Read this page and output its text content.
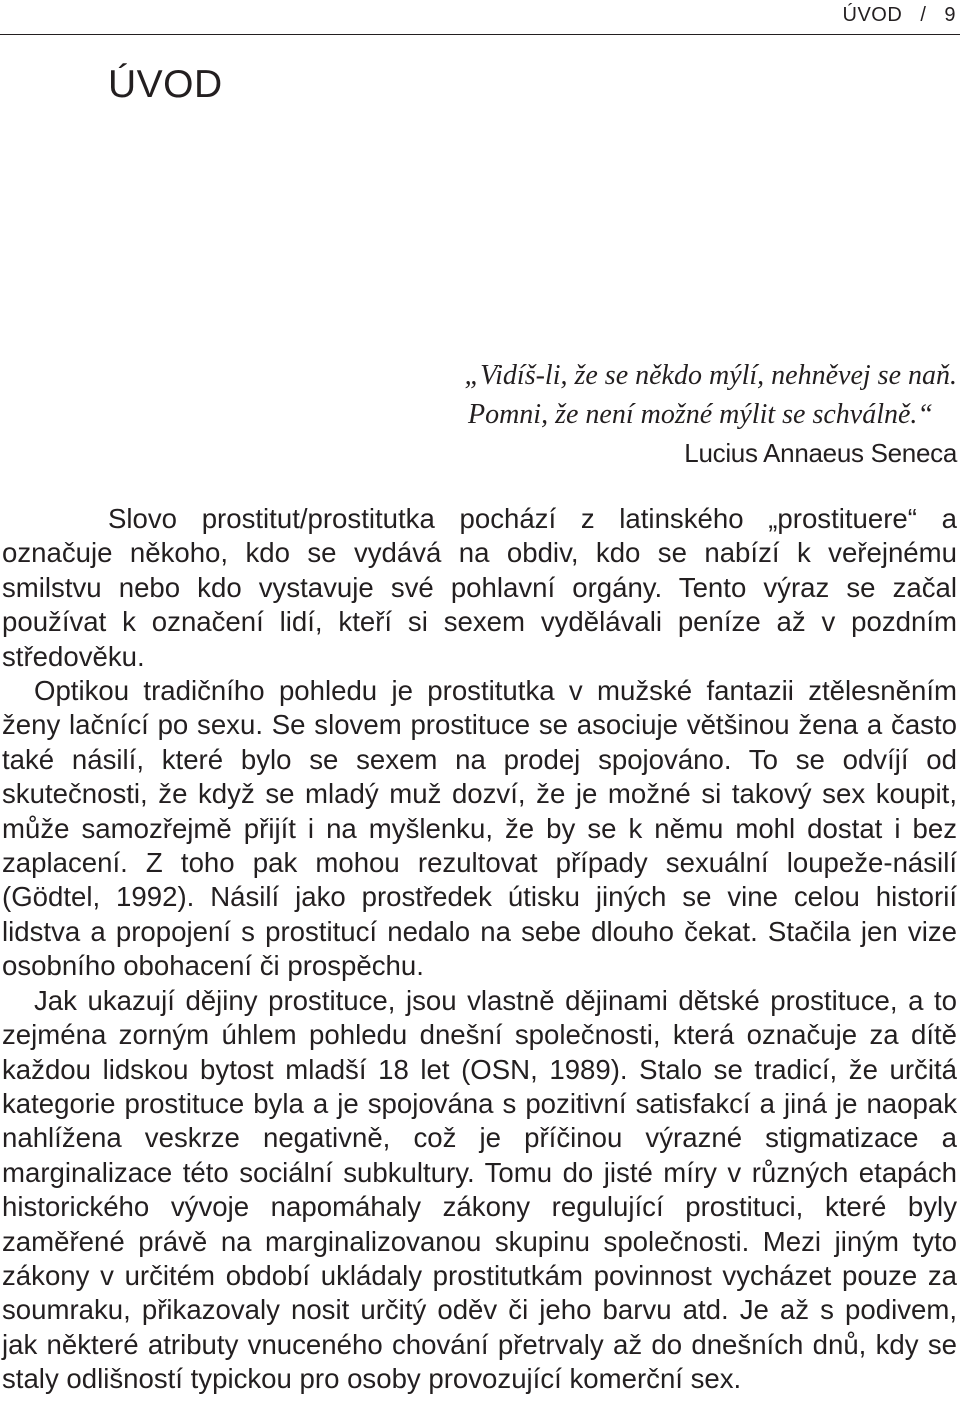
ÚVOD / 9
ÚVOD
„Vidíš-li, že se někdo mýlí, nehněvej se naň.
Pomni, že není možné mýlit se schválně.“
Lucius Annaeus Seneca

Slovo prostitut/prostitutka pochází z latinského „prostituere“ a označuje někoho, kdo se vydává na obdiv, kdo se nabízí k veřejnému smilstvu nebo kdo vystavuje své pohlavní orgány. Tento výraz se začal používat k označení lidí, kteří si sexem vydělávali peníze až v pozdním středověku.

Optikou tradičního pohledu je prostitutka v mužské fantazii ztělesněním ženy lačnící po sexu. Se slovem prostituce se asociuje většinou žena a často také násilí, které bylo se sexem na prodej spojováno. To se odvíjí od skutečnosti, že když se mladý muž dozví, že je možné si takový sex koupit, může samozřejmě přijít i na myšlenku, že by se k němu mohl dostat i bez zaplacení. Z toho pak mohou rezultovat případy sexuální loupeže-násilí (Gödtel, 1992). Násilí jako prostředek útisku jiných se vine celou historií lidstva a propojení s prostitucí nedalo na sebe dlouho čekat. Stačila jen vize osobního obohacení či prospěchu.

Jak ukazují dějiny prostituce, jsou vlastně dějinami dětské prostituce, a to zejména zorným úhlem pohledu dnešní společnosti, která označuje za dítě každou lidskou bytost mladší 18 let (OSN, 1989). Stalo se tradicí, že určitá kategorie prostituce byla a je spojována s pozitivní satisfakcí a jiná je naopak nahlížena veskrze negativně, což je příčinou výrazné stigmatizace a marginalizace této sociální subkultury. Tomu do jisté míry v různých etapách historického vývoje napomáhaly zákony regulující prostituci, které byly zaměřené právě na marginalizovanou skupinu společnosti. Mezi jiným tyto zákony v určitém období ukládaly prostitutkám povinnost vycházet pouze za soumraku, přikazovaly nosit určitý oděv či jeho barvu atd. Je až s podivem, jak některé atributy vnuceného chování přetrvaly až do dnešních dnů, kdy se staly odlišností typickou pro osoby provozující komerční sex.
